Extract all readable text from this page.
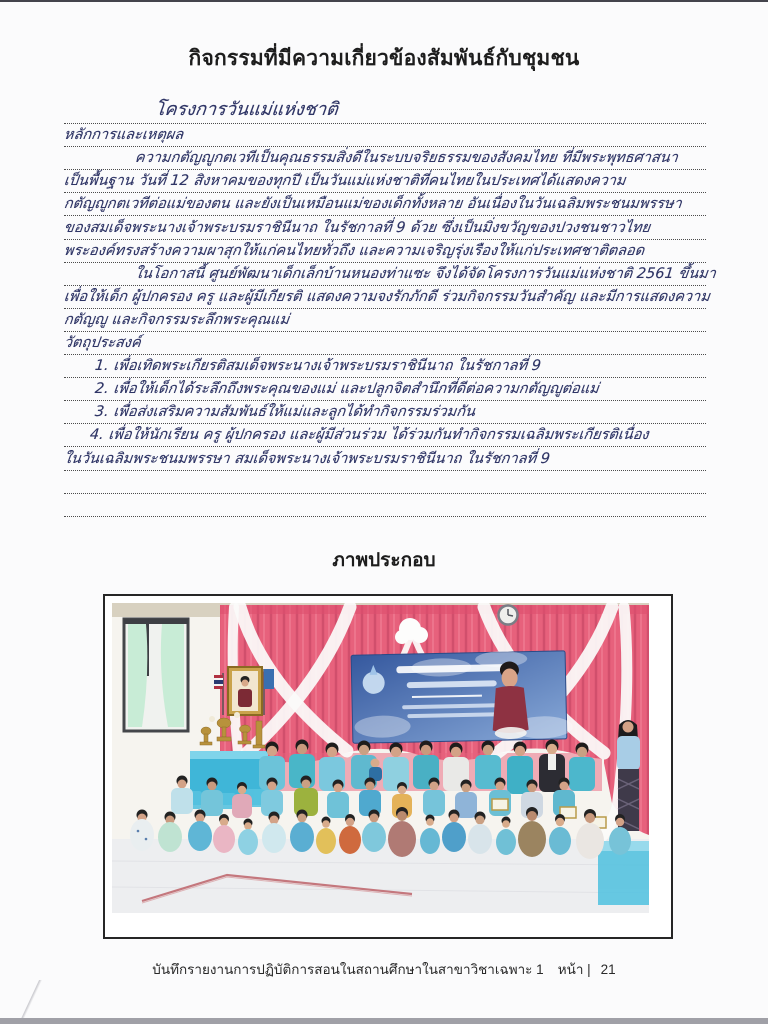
กิจกรรมที่มีความเกี่ยวข้องสัมพันธ์กับชุมชน
โครงการวันแม่แห่งชาติ
หลักการและเหตุผล
ความกตัญญูกตเวทีเป็นคุณธรรมสิ่งดีในระบบจริยธรรมของสังคมไทย ที่มีพระพุทธศาสนา
เป็นพื้นฐาน วันที่ 12 สิงหาคมของทุกปี เป็นวันแม่แห่งชาติที่คนไทยในประเทศได้แสดงความ
กตัญญูกตเวทีต่อแม่ของตน และยังเป็นเหมือนแม่ของเด็กทั้งหลาย อันเนื่องในวันเฉลิมพระชนมพรรษา
ของสมเด็จพระนางเจ้าพระบรมราชินีนาถ ในรัชกาลที่ 9 ด้วย ซึ่งเป็นมิ่งขวัญของปวงชนชาวไทย
พระองค์ทรงสร้างความผาสุกให้แก่คนไทยทั่วถึง และความเจริญรุ่งเรืองให้แก่ประเทศชาติตลอด
ในโอกาสนี้ ศูนย์พัฒนาเด็กเล็กบ้านหนองท่าแซะ จึงได้จัดโครงการวันแม่แห่งชาติ 2561 ขึ้นมา
เพื่อให้เด็ก ผู้ปกครอง ครู และผู้มีเกียรติ แสดงความจงรักภักดี ร่วมกิจกรรมวันสำคัญ และมีการแสดงความ
กตัญญู และกิจกรรมระลึกพระคุณแม่
วัตถุประสงค์
1. เพื่อเทิดพระเกียรติสมเด็จพระนางเจ้าพระบรมราชินีนาถ ในรัชกาลที่ 9
2. เพื่อให้เด็กได้ระลึกถึงพระคุณของแม่ และปลูกจิตสำนึกที่ดีต่อความกตัญญูต่อแม่
3. เพื่อส่งเสริมความสัมพันธ์ให้แม่และลูกได้ทำกิจกรรมร่วมกัน
4. เพื่อให้นักเรียน ครู ผู้ปกครอง และผู้มีส่วนร่วม ได้ร่วมกันทำกิจกรรมเฉลิมพระเกียรติเนื่อง
ในวันเฉลิมพระชนมพรรษา สมเด็จพระนางเจ้าพระบรมราชินีนาถ ในรัชกาลที่ 9
ภาพประกอบ
บันทึกรายงานการปฏิบัติการสอนในสถานศึกษาในสาขาวิชาเฉพาะ 1 หน้า | 21
